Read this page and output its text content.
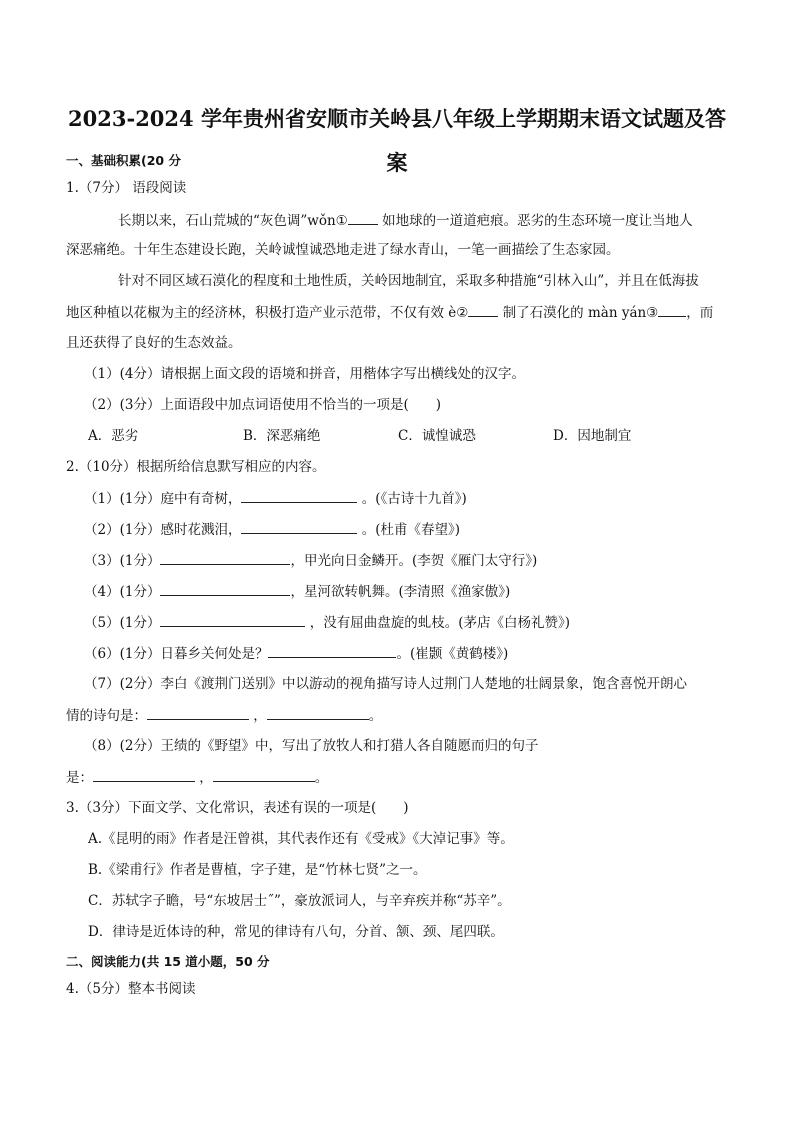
2023-2024 学年贵州省安顺市关岭县八年级上学期期末语文试题及答
案
一、基础积累(20 分
1.（7分） 语段阅读
长期以来，石山荒城的“灰色调”wǒn①	如地球的一道道疤痕。恶劣的生态环境一度让当地人
深恶痛绝。十年生态建设长跑，关岭诚惶诚恐地走进了绿水青山，一笔一画描绘了生态家园。
针对不同区域石漠化的程度和土地性质，关岭因地制宜，采取多种措施“引林入山”，并且在低海拔
地区种植以花椒为主的经济林，积极打造产业示范带，不仅有效 è②	制了石漠化的 màn yán③ ，而
且还获得了良好的生态效益。
（1）(4分）请根据上面文段的语境和拼音，用楷体字写出横线处的汉字。
（2）(3分）上面语段中加点词语使用不恰当的一项是(　　)
A．恶劣	B．深恶痛绝	C．诚惶诚恐	D．因地制宜
2.（10分）根据所给信息默写相应的内容。
（1）(1分）庭中有奇树，	。(《古诗十九首》)
（2）(1分）感时花溅泪，	。(杜甫《春望》)
（3）(1分）	，甲光向日金鳞开。(李贺《雁门太守行》)
（4）(1分）	，星河欲转帆舞。(李清照《渔家傲》)
（5）(1分）	，没有屈曲盘旋的虬枝。(茅店《白杨礼赞》)
（6）(1分）日暮乡关何处是？	。(崔颢《黄鹤楼》)
（7）(2分）李白《渡荆门送别》中以游动的视角描写诗人过荆门人楚地的壮阔景象，饱含喜悦开朗心
情的诗句是：	，	。
（8）(2分）王绩的《野望》中，写出了放牧人和打猎人各自随愿而归的句子
是：	，	。
3.（3分）下面文学、文化常识，表述有误的一项是(　　)
A.《昆明的雨》作者是汪曾祺，其代表作还有《受戒》《大淖记事》等。
B.《梁甫行》作者是曹植，字子建，是“竹林七贤”之一。
C．苏轼字子瞻，号“东坡居士˝”，豪放派词人，与辛弃疾并称“苏辛”。
D．律诗是近体诗的种，常见的律诗有八句，分首、颔、颈、尾四联。
二、阅读能力(共 15 道小题，50 分
4.（5分）整本书阅读
